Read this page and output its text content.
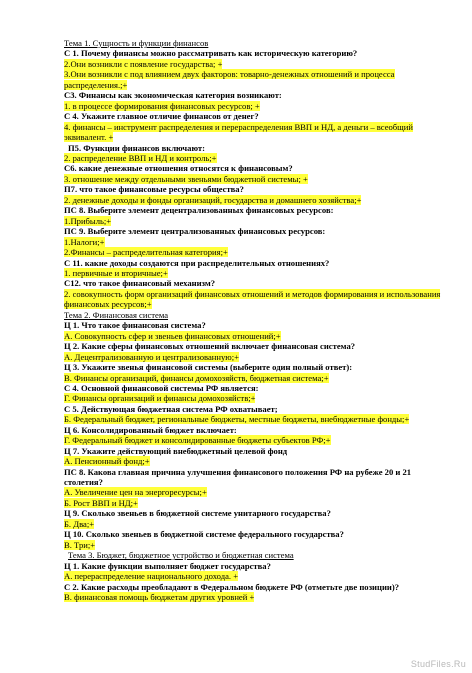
Тема 1. Сущность и функции финансов
С 1. Почему финансы можно рассматривать как историческую категорию?
2.Они возникли с появление государства; +
3.Они возникли с под влиянием двух факторов: товарно-денежных отношений и процесса распределения.;+
С3. Финансы как экономическая категория возникают:
1. в процессе формирования финансовых ресурсов; +
С 4. Укажите главное отличие финансов от денег?
4. финансы – инструмент распределения и перераспределения ВВП и НД, а деньги – всеобщий эквивалент. +
П5. Функции финансов включают:
2. распределение ВВП и НД и контроль;+
С6. какие денежные отношения относятся к финансовым?
3. отношение между отдельными звеньями бюджетной системы; +
П7. что такое финансовые ресурсы общества?
2. денежные доходы и фонды организаций, государства и домашнего хозяйства;+
ПС 8. Выберите элемент децентрализованных финансовых ресурсов:
1.Прибыль;+
ПС 9. Выберите элемент централизованных финансовых ресурсов:
1.Налоги;+
2.Финансы – распределительная категория;+
С 11. какие доходы создаются при распределительных отношениях?
1. первичные и вторичные;+
С12. что такое финансовый механизм?
2. совокупность форм организаций финансовых отношений и методов формирования и использования финансовых ресурсов;+
Тема 2. Финансовая система
Ц 1. Что такое финансовая система?
А. Совокупность сфер и звеньев финансовых отношений;+
Ц 2. Какие сферы финансовых отношений включает финансовая система?
А. Децентрализованную и централизованную;+
Ц 3. Укажите звенья финансовой системы (выберите один полный ответ):
В. Финансы организаций, финансы домохозяйств, бюджетная система;+
С 4. Основной финансовой системы РФ является:
Г. Финансы организаций и финансы домохозяйств;+
С 5. Действующая бюджетная система РФ охватывает;
Б. Федеральный бюджет, региональные бюджеты, местные бюджеты, внебюджетные фонды;+
Ц 6. Консолидированный бюджет включает:
Г. Федеральный бюджет и консолидированные бюджеты субъектов РФ;+
Ц 7. Укажите действующий внебюджетный целевой фонд
А. Пенсионный фонд;+
ПС 8. Какова главная причина улучшения финансового положения РФ на рубеже 20 и 21 столетия?
А. Увеличение цен на энергоресурсы;+
Б. Рост ВВП и НД;+
Ц 9. Сколько звеньев в бюджетной системе унитарного государства?
Б. Два;+
Ц 10. Сколько звеньев в бюджетной системе федерального государства?
В. Три;+
Тема 3. Бюджет, бюджетное устройство и бюджетная система
Ц 1. Какие функции выполняет бюджет государства?
А. перераспределение национального дохода. +
С 2. Какие расходы преобладают в Федеральном бюджете РФ (отметьте две позиции)?
В. финансовая помощь бюджетам других уровней +
StudFiles.Ru
